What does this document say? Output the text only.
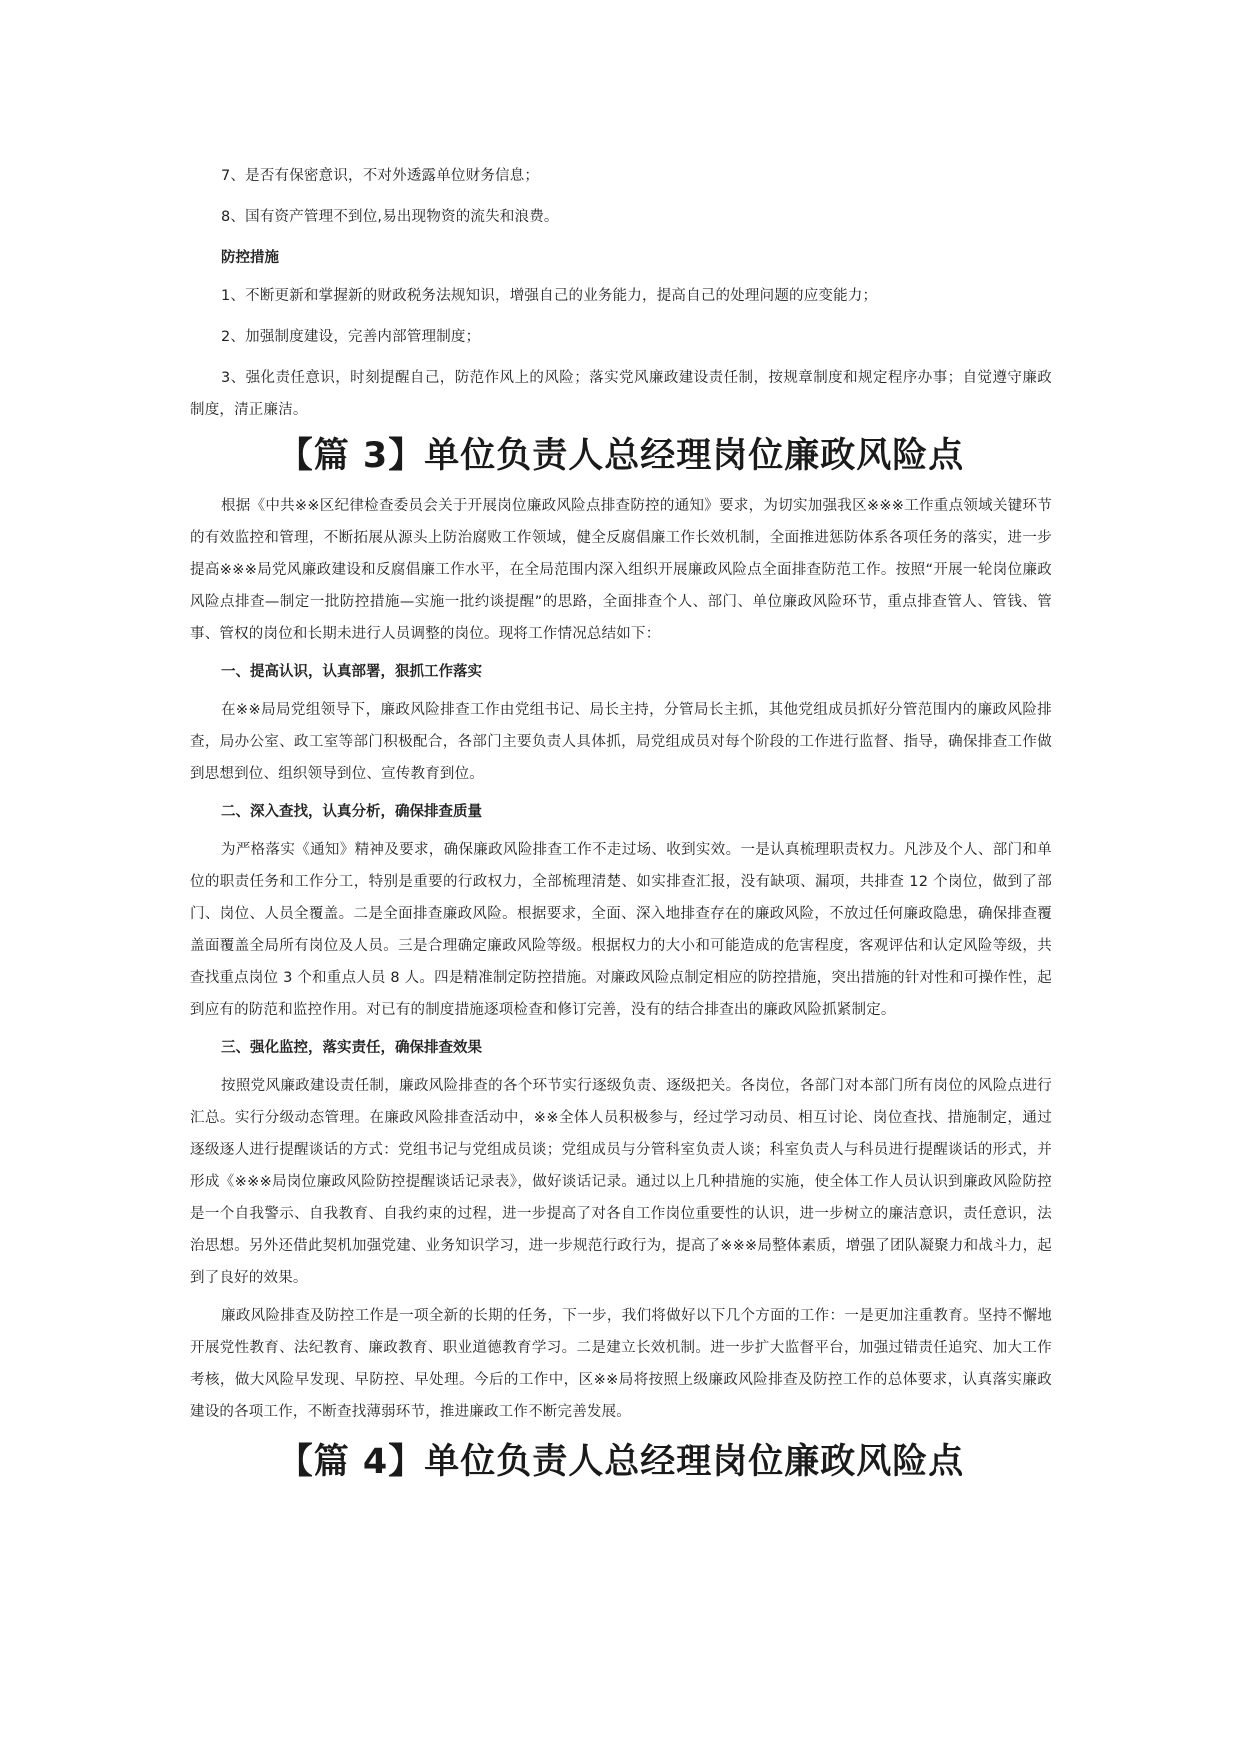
7、是否有保密意识，不对外透露单位财务信息；

8、国有资产管理不到位,易出现物资的流失和浪费。

防控措施

1、不断更新和掌握新的财政税务法规知识，增强自己的业务能力，提高自己的处理问题的应变能力；

2、加强制度建设，完善内部管理制度；

3、强化责任意识，时刻提醒自己，防范作风上的风险；落实党风廉政建设责任制，按规章制度和规定程序办事；自觉遵守廉政制度，清正廉洁。

【篇 3】单位负责人总经理岗位廉政风险点

根据《中共※※区纪律检查委员会关于开展岗位廉政风险点排查防控的通知》要求，为切实加强我区※※※工作重点领域关键环节的有效监控和管理，不断拓展从源头上防治腐败工作领域，健全反腐倡廉工作长效机制，全面推进惩防体系各项任务的落实，进一步提高※※※局党风廉政建设和反腐倡廉工作水平，在全局范围内深入组织开展廉政风险点全面排查防范工作。按照“开展一轮岗位廉政风险点排查—制定一批防控措施—实施一批约谈提醒”的思路，全面排查个人、部门、单位廉政风险环节，重点排查管人、管钱、管事、管权的岗位和长期未进行人员调整的岗位。现将工作情况总结如下：

一、提高认识，认真部署，狠抓工作落实

在※※局局党组领导下，廉政风险排查工作由党组书记、局长主持，分管局长主抓，其他党组成员抓好分管范围内的廉政风险排查，局办公室、政工室等部门积极配合，各部门主要负责人具体抓，局党组成员对每个阶段的工作进行监督、指导，确保排查工作做到思想到位、组织领导到位、宣传教育到位。

二、深入查找，认真分析，确保排查质量

为严格落实《通知》精神及要求，确保廉政风险排查工作不走过场、收到实效。一是认真梳理职责权力。凡涉及个人、部门和单位的职责任务和工作分工，特别是重要的行政权力，全部梳理清楚、如实排查汇报，没有缺项、漏项，共排查 12 个岗位，做到了部门、岗位、人员全覆盖。二是全面排查廉政风险。根据要求，全面、深入地排查存在的廉政风险，不放过任何廉政隐患，确保排查覆盖面覆盖全局所有岗位及人员。三是合理确定廉政风险等级。根据权力的大小和可能造成的危害程度，客观评估和认定风险等级，共查找重点岗位 3 个和重点人员 8 人。四是精准制定防控措施。对廉政风险点制定相应的防控措施，突出措施的针对性和可操作性，起到应有的防范和监控作用。对已有的制度措施逐项检查和修订完善，没有的结合排查出的廉政风险抓紧制定。

三、强化监控，落实责任，确保排查效果

按照党风廉政建设责任制，廉政风险排查的各个环节实行逐级负责、逐级把关。各岗位，各部门对本部门所有岗位的风险点进行汇总。实行分级动态管理。在廉政风险排查活动中，※※全体人员积极参与，经过学习动员、相互讨论、岗位查找、措施制定，通过逐级逐人进行提醒谈话的方式：党组书记与党组成员谈；党组成员与分管科室负责人谈；科室负责人与科员进行提醒谈话的形式，并形成《※※※局岗位廉政风险防控提醒谈话记录表》，做好谈话记录。通过以上几种措施的实施，使全体工作人员认识到廉政风险防控是一个自我警示、自我教育、自我约束的过程，进一步提高了对各自工作岗位重要性的认识，进一步树立的廉洁意识，责任意识，法治思想。另外还借此契机加强党建、业务知识学习，进一步规范行政行为，提高了※※※局整体素质，增强了团队凝聚力和战斗力，起到了良好的效果。

廉政风险排查及防控工作是一项全新的长期的任务，下一步，我们将做好以下几个方面的工作：一是更加注重教育。坚持不懈地开展党性教育、法纪教育、廉政教育、职业道德教育学习。二是建立长效机制。进一步扩大监督平台，加强过错责任追究、加大工作考核，做大风险早发现、早防控、早处理。今后的工作中，区※※局将按照上级廉政风险排查及防控工作的总体要求，认真落实廉政建设的各项工作，不断查找薄弱环节，推进廉政工作不断完善发展。

【篇 4】单位负责人总经理岗位廉政风险点
